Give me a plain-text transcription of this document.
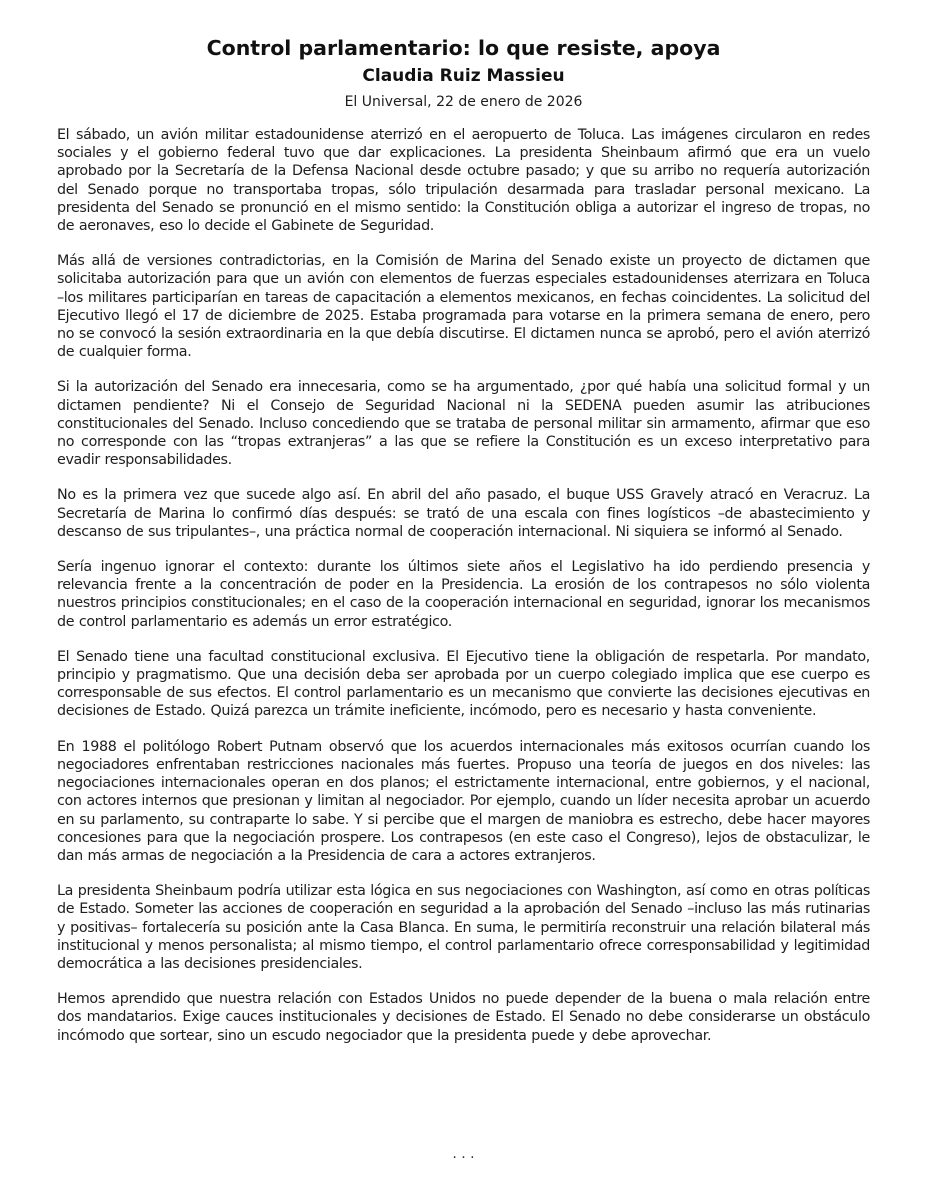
Control parlamentario: lo que resiste, apoya
Claudia Ruiz Massieu
El Universal, 22 de enero de 2026

El sábado, un avión militar estadounidense aterrizó en el aeropuerto de Toluca. Las imágenes circularon en redes sociales y el gobierno federal tuvo que dar explicaciones. La presidenta Sheinbaum afirmó que era un vuelo aprobado por la Secretaría de la Defensa Nacional desde octubre pasado; y que su arribo no requería autorización del Senado porque no transportaba tropas, sólo tripulación desarmada para trasladar personal mexicano. La presidenta del Senado se pronunció en el mismo sentido: la Constitución obliga a autorizar el ingreso de tropas, no de aeronaves, eso lo decide el Gabinete de Seguridad.

Más allá de versiones contradictorias, en la Comisión de Marina del Senado existe un proyecto de dictamen que solicitaba autorización para que un avión con elementos de fuerzas especiales estadounidenses aterrizara en Toluca –los militares participarían en tareas de capacitación a elementos mexicanos, en fechas coincidentes. La solicitud del Ejecutivo llegó el 17 de diciembre de 2025. Estaba programada para votarse en la primera semana de enero, pero no se convocó la sesión extraordinaria en la que debía discutirse. El dictamen nunca se aprobó, pero el avión aterrizó de cualquier forma.

Si la autorización del Senado era innecesaria, como se ha argumentado, ¿por qué había una solicitud formal y un dictamen pendiente? Ni el Consejo de Seguridad Nacional ni la SEDENA pueden asumir las atribuciones constitucionales del Senado. Incluso concediendo que se trataba de personal militar sin armamento, afirmar que eso no corresponde con las “tropas extranjeras” a las que se refiere la Constitución es un exceso interpretativo para evadir responsabilidades.

No es la primera vez que sucede algo así. En abril del año pasado, el buque USS Gravely atracó en Veracruz. La Secretaría de Marina lo confirmó días después: se trató de una escala con fines logísticos –de abastecimiento y descanso de sus tripulantes–, una práctica normal de cooperación internacional. Ni siquiera se informó al Senado.

Sería ingenuo ignorar el contexto: durante los últimos siete años el Legislativo ha ido perdiendo presencia y relevancia frente a la concentración de poder en la Presidencia. La erosión de los contrapesos no sólo violenta nuestros principios constitucionales; en el caso de la cooperación internacional en seguridad, ignorar los mecanismos de control parlamentario es además un error estratégico.

El Senado tiene una facultad constitucional exclusiva. El Ejecutivo tiene la obligación de respetarla. Por mandato, principio y pragmatismo. Que una decisión deba ser aprobada por un cuerpo colegiado implica que ese cuerpo es corresponsable de sus efectos. El control parlamentario es un mecanismo que convierte las decisiones ejecutivas en decisiones de Estado. Quizá parezca un trámite ineficiente, incómodo, pero es necesario y hasta conveniente.

En 1988 el politólogo Robert Putnam observó que los acuerdos internacionales más exitosos ocurrían cuando los negociadores enfrentaban restricciones nacionales más fuertes. Propuso una teoría de juegos en dos niveles: las negociaciones internacionales operan en dos planos; el estrictamente internacional, entre gobiernos, y el nacional, con actores internos que presionan y limitan al negociador. Por ejemplo, cuando un líder necesita aprobar un acuerdo en su parlamento, su contraparte lo sabe. Y si percibe que el margen de maniobra es estrecho, debe hacer mayores concesiones para que la negociación prospere. Los contrapesos (en este caso el Congreso), lejos de obstaculizar, le dan más armas de negociación a la Presidencia de cara a actores extranjeros.

La presidenta Sheinbaum podría utilizar esta lógica en sus negociaciones con Washington, así como en otras políticas de Estado. Someter las acciones de cooperación en seguridad a la aprobación del Senado –incluso las más rutinarias y positivas– fortalecería su posición ante la Casa Blanca. En suma, le permitiría reconstruir una relación bilateral más institucional y menos personalista; al mismo tiempo, el control parlamentario ofrece corresponsabilidad y legitimidad democrática a las decisiones presidenciales.

Hemos aprendido que nuestra relación con Estados Unidos no puede depender de la buena o mala relación entre dos mandatarios. Exige cauces institucionales y decisiones de Estado. El Senado no debe considerarse un obstáculo incómodo que sortear, sino un escudo negociador que la presidenta puede y debe aprovechar.

. . .
